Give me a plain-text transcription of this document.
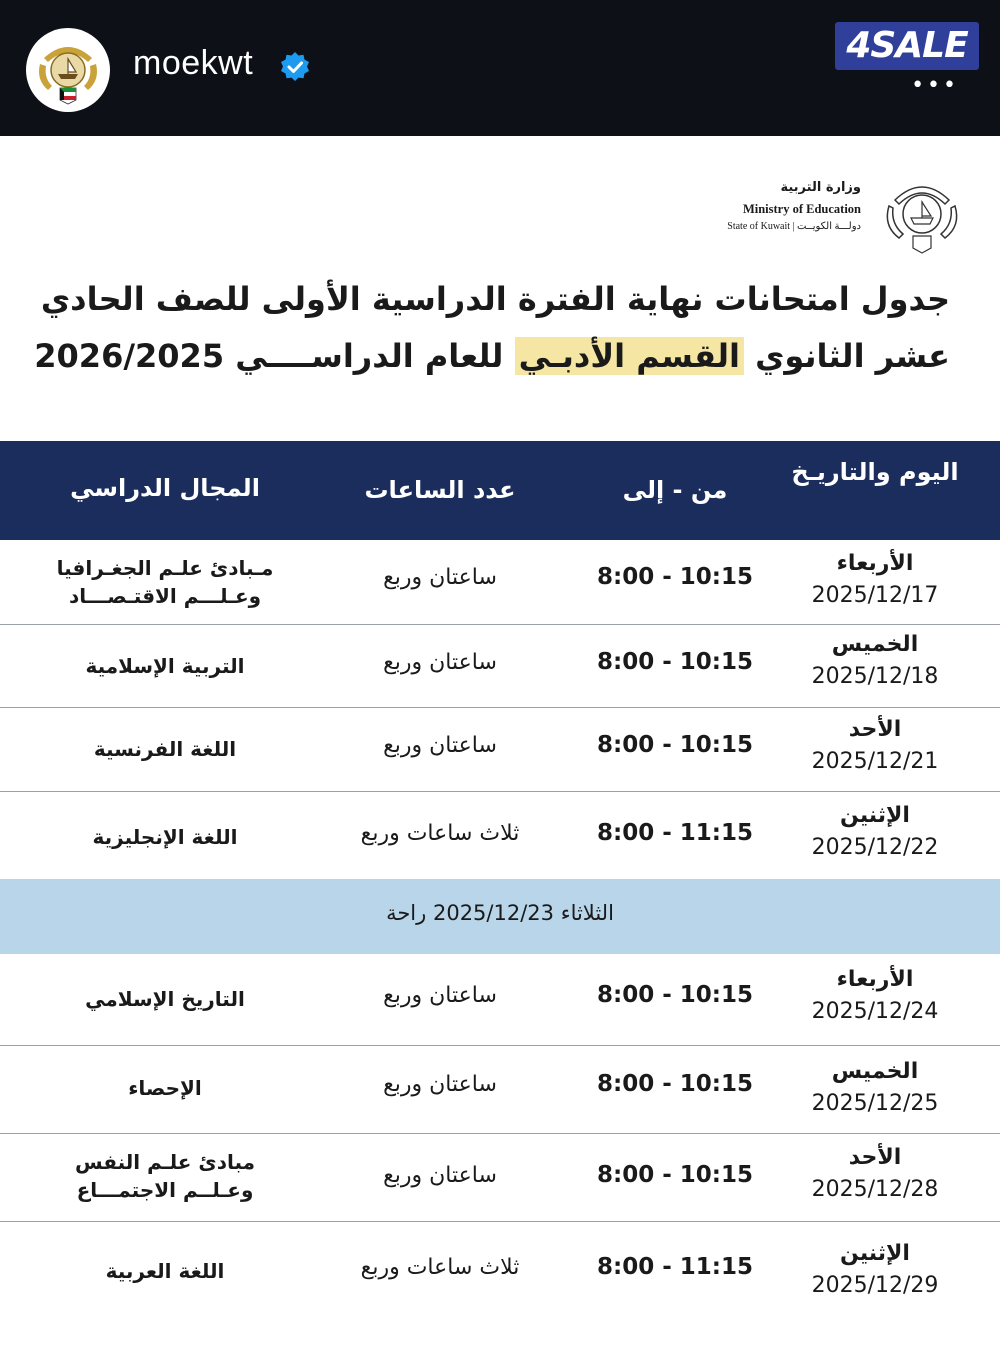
moekwt	4SALE
•••
وزارة التربية
Ministry of Education
State of Kuwait | دولـــة الكويــت
جدول امتحانات نهاية الفترة الدراسية الأولى للصف الحادي
عشر الثانوي القسم الأدبـي للعام الدراســــي 2026/2025
اليوم والتاريـخ
من - إلى
عدد الساعات
المجال الدراسي
الأربعاء
2025/12/17
8:00 - 10:15
ساعتان وربع
مـبادئ علـم الجغـرافيا وعـلـــم الاقتـصـــاد
الخميس
2025/12/18
8:00 - 10:15
ساعتان وربع
التربية الإسلامية
الأحد
2025/12/21
8:00 - 10:15
ساعتان وربع
اللغة الفرنسية
الإثنين
2025/12/22
8:00 - 11:15
ثلاث ساعات وربع
اللغة الإنجليزية
الثلاثاء 2025/12/23 راحة
الأربعاء
2025/12/24
8:00 - 10:15
ساعتان وربع
التاريخ الإسلامي
الخميس
2025/12/25
8:00 - 10:15
ساعتان وربع
الإحصاء
الأحد
2025/12/28
8:00 - 10:15
ساعتان وربع
مبادئ علـم النفس وعـلــم الاجتمـــاع
الإثنين
2025/12/29
8:00 - 11:15
ثلاث ساعات وربع
اللغة العربية
